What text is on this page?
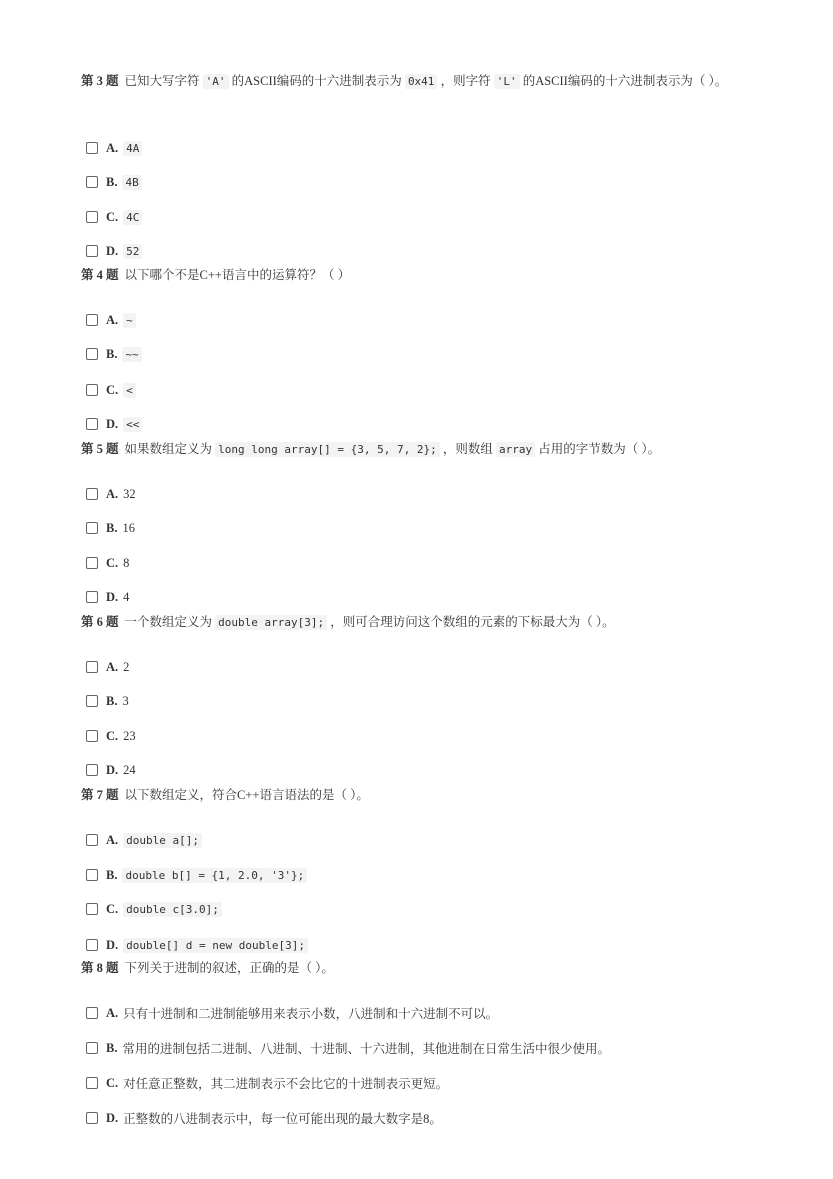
第 3 题 已知大写字符 'A' 的ASCII编码的十六进制表示为 0x41 ，则字符 'L' 的ASCII编码的十六进制表示为（ ）。
A. 4A
B. 4B
C. 4C
D. 52
第 4 题 以下哪个不是C++语言中的运算符？（ ）
A. ~
B. ~~
C. <
D. <<
第 5 题 如果数组定义为 long long array[] = {3, 5, 7, 2}; ，则数组 array 占用的字节数为（ ）。
A. 32
B. 16
C. 8
D. 4
第 6 题 一个数组定义为 double array[3]; ，则可合理访问这个数组的元素的下标最大为（ ）。
A. 2
B. 3
C. 23
D. 24
第 7 题 以下数组定义，符合C++语言语法的是（ ）。
A. double a[];
B. double b[] = {1, 2.0, '3'};
C. double c[3.0];
D. double[] d = new double[3];
第 8 题 下列关于进制的叙述，正确的是（ ）。
A. 只有十进制和二进制能够用来表示小数，八进制和十六进制不可以。
B. 常用的进制包括二进制、八进制、十进制、十六进制，其他进制在日常生活中很少使用。
C. 对任意正整数，其二进制表示不会比它的十进制表示更短。
D. 正整数的八进制表示中，每一位可能出现的最大数字是8。
